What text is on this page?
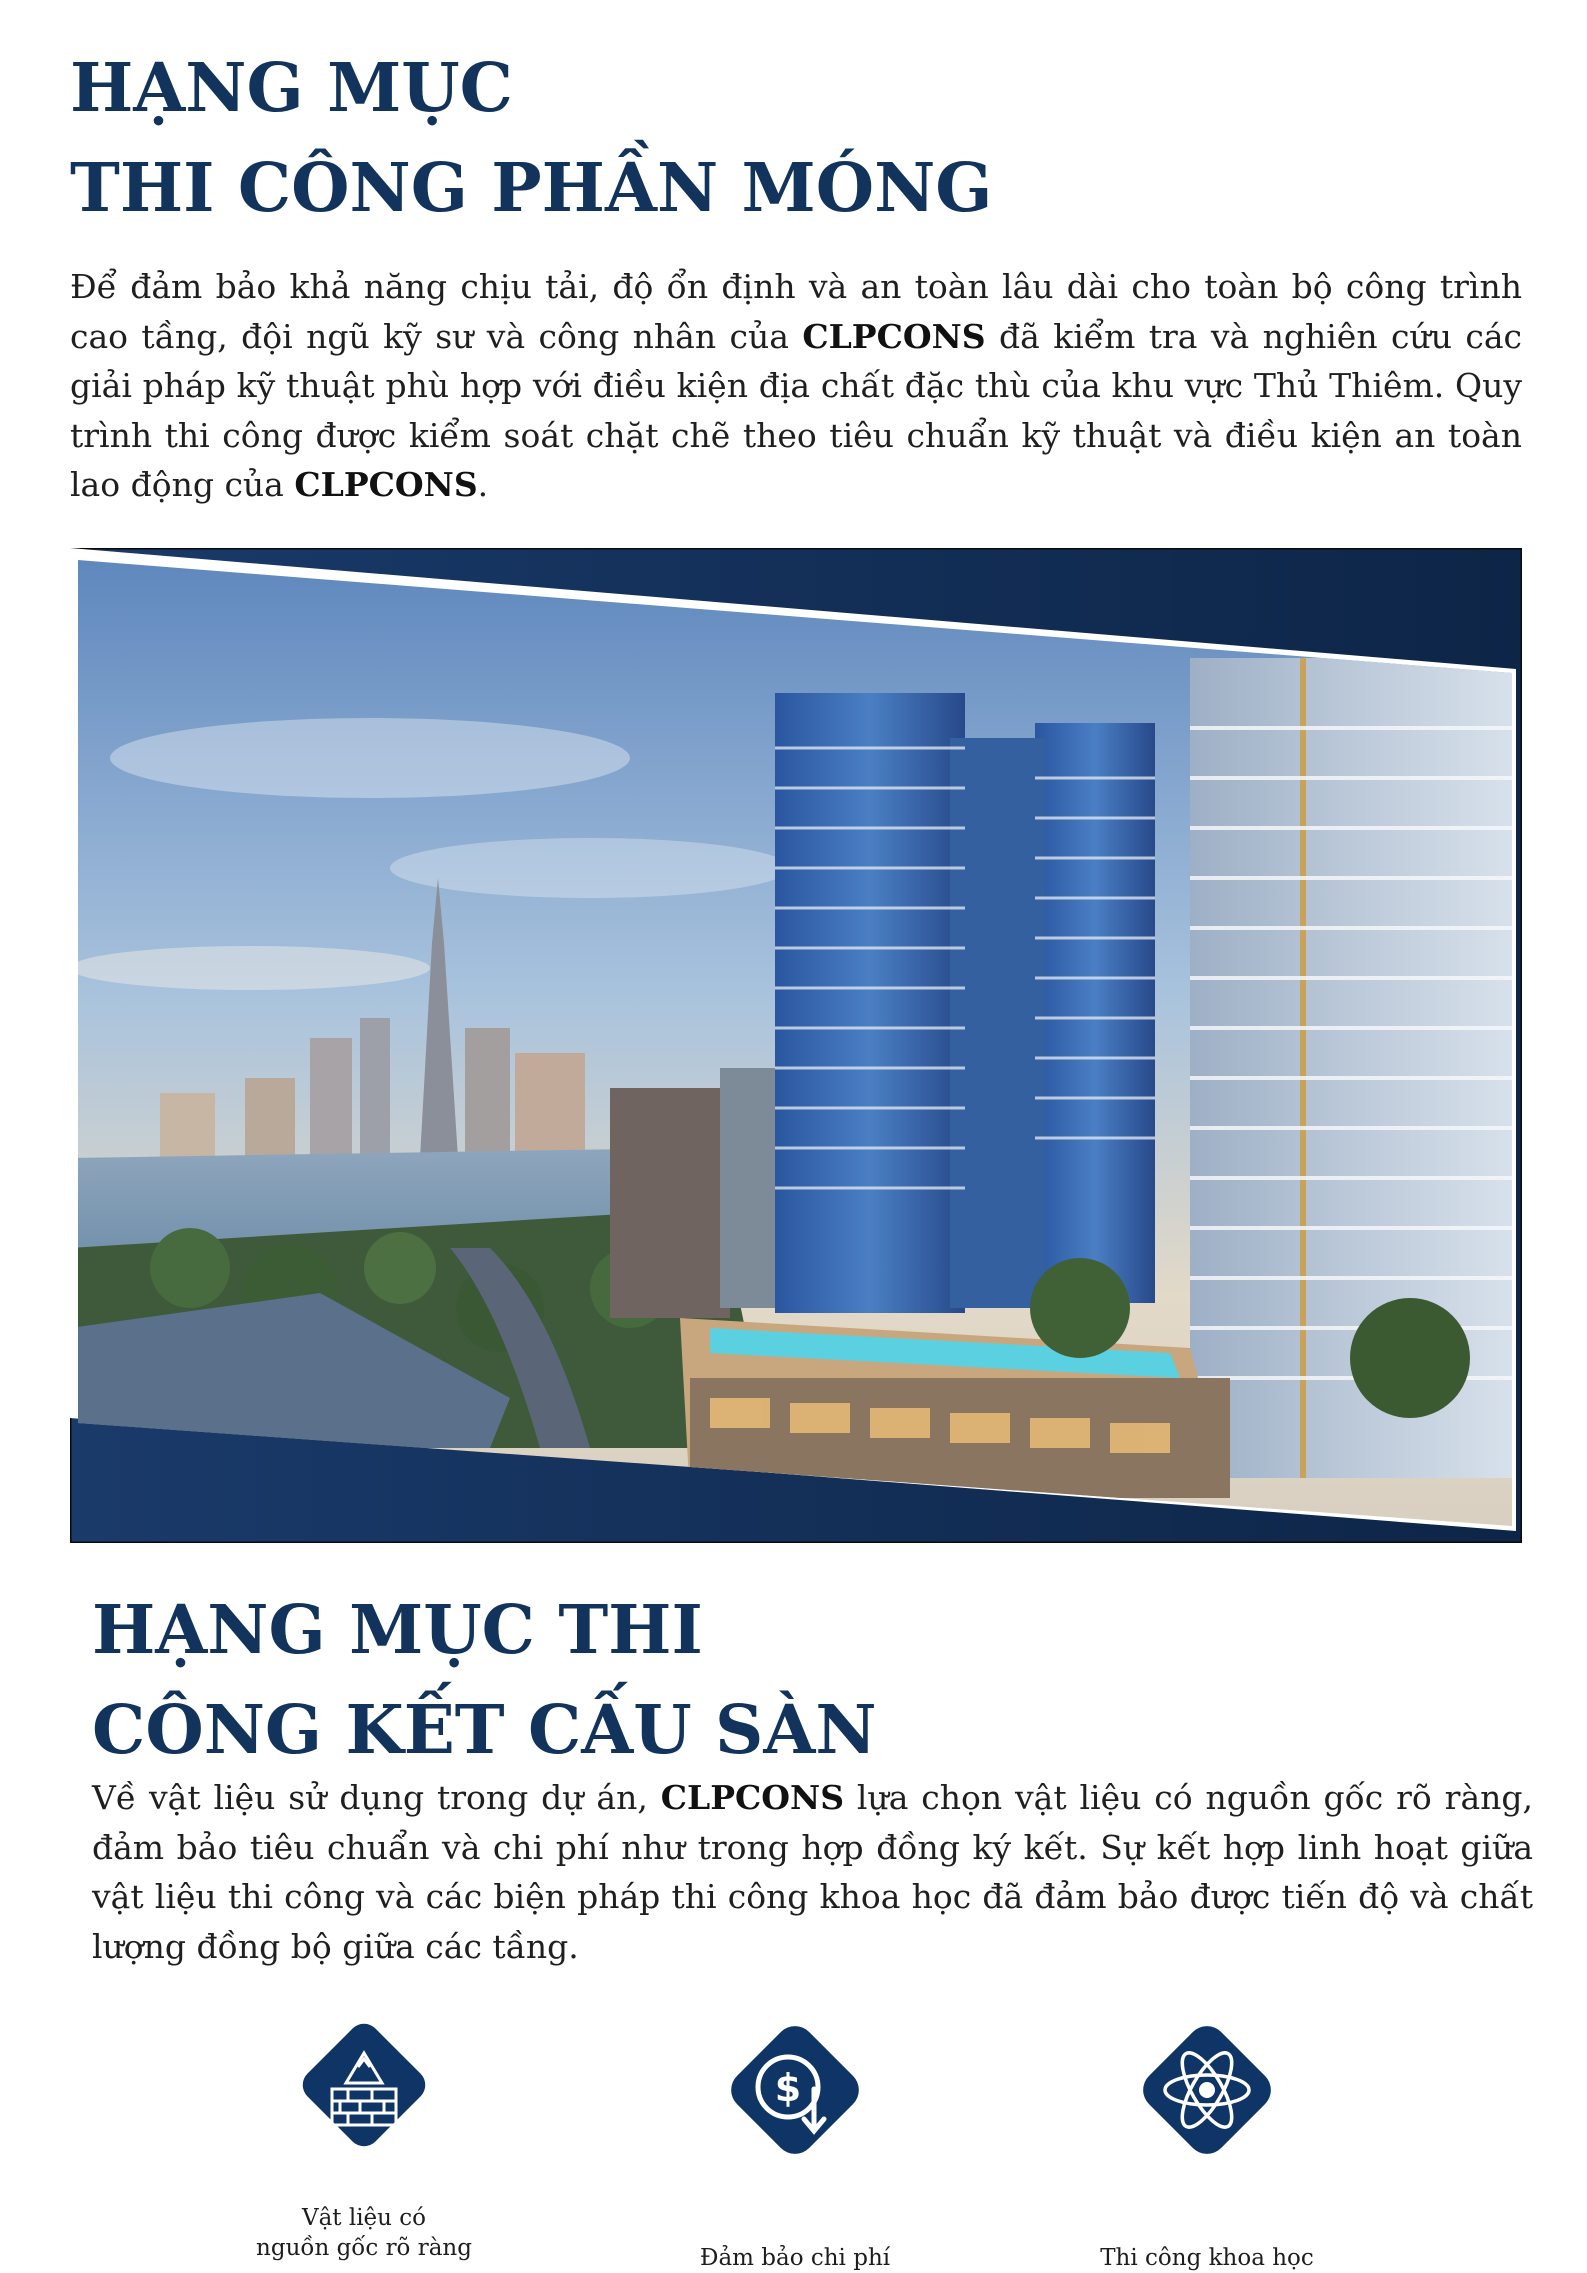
HẠNG MỤC
THI CÔNG PHẦN MÓNG

Để đảm bảo khả năng chịu tải, độ ổn định và an toàn lâu dài cho toàn bộ công trình cao tầng, đội ngũ kỹ sư và công nhân của CLPCONS đã kiểm tra và nghiên cứu các giải pháp kỹ thuật phù hợp với điều kiện địa chất đặc thù của khu vực Thủ Thiêm. Quy trình thi công được kiểm soát chặt chẽ theo tiêu chuẩn kỹ thuật và điều kiện an toàn lao động của CLPCONS.

HẠNG MỤC THI
CÔNG KẾT CẤU SÀN

Về vật liệu sử dụng trong dự án, CLPCONS lựa chọn vật liệu có nguồn gốc rõ ràng, đảm bảo tiêu chuẩn và chi phí như trong hợp đồng ký kết. Sự kết hợp linh hoạt giữa vật liệu thi công và các biện pháp thi công khoa học đã đảm bảo được tiến độ và chất lượng đồng bộ giữa các tầng.

Vật liệu có
nguồn gốc rõ ràng
$
Đảm bảo chi phí	Thi công khoa học
